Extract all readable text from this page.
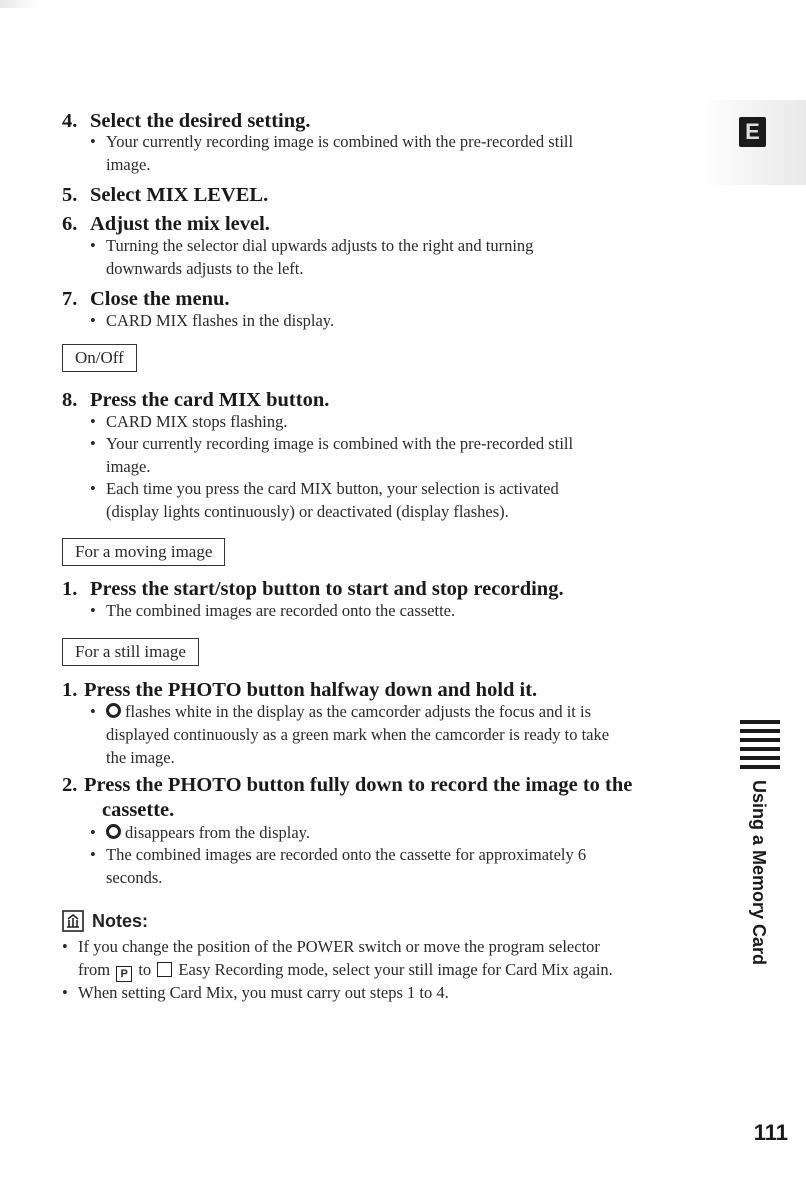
E
4. Select the desired setting.
• Your currently recording image is combined with the pre-recorded still
image.
5. Select MIX LEVEL.
6. Adjust the mix level.
• Turning the selector dial upwards adjusts to the right and turning
downwards adjusts to the left.
7. Close the menu.
• CARD MIX flashes in the display.
On/Off
8. Press the card MIX button.
• CARD MIX stops flashing.
• Your currently recording image is combined with the pre-recorded still
image.
• Each time you press the card MIX button, your selection is activated
(display lights continuously) or deactivated (display flashes).
For a moving image
1. Press the start/stop button to start and stop recording.
• The combined images are recorded onto the cassette.
For a still image
1. Press the PHOTO button halfway down and hold it.
•	flashes white in the display as the camcorder adjusts the focus and it is
displayed continuously as a green mark when the camcorder is ready to take
the image.
2. Press the PHOTO button fully down to record the image to the
cassette.
•	disappears from the display.
• The combined images are recorded onto the cassette for approximately 6
seconds.
Notes:
• If you change the position of the POWER switch or move the program selector
from P to Easy Recording mode, select your still image for Card Mix again.
• When setting Card Mix, you must carry out steps 1 to 4.
Using a Memory Card
111
